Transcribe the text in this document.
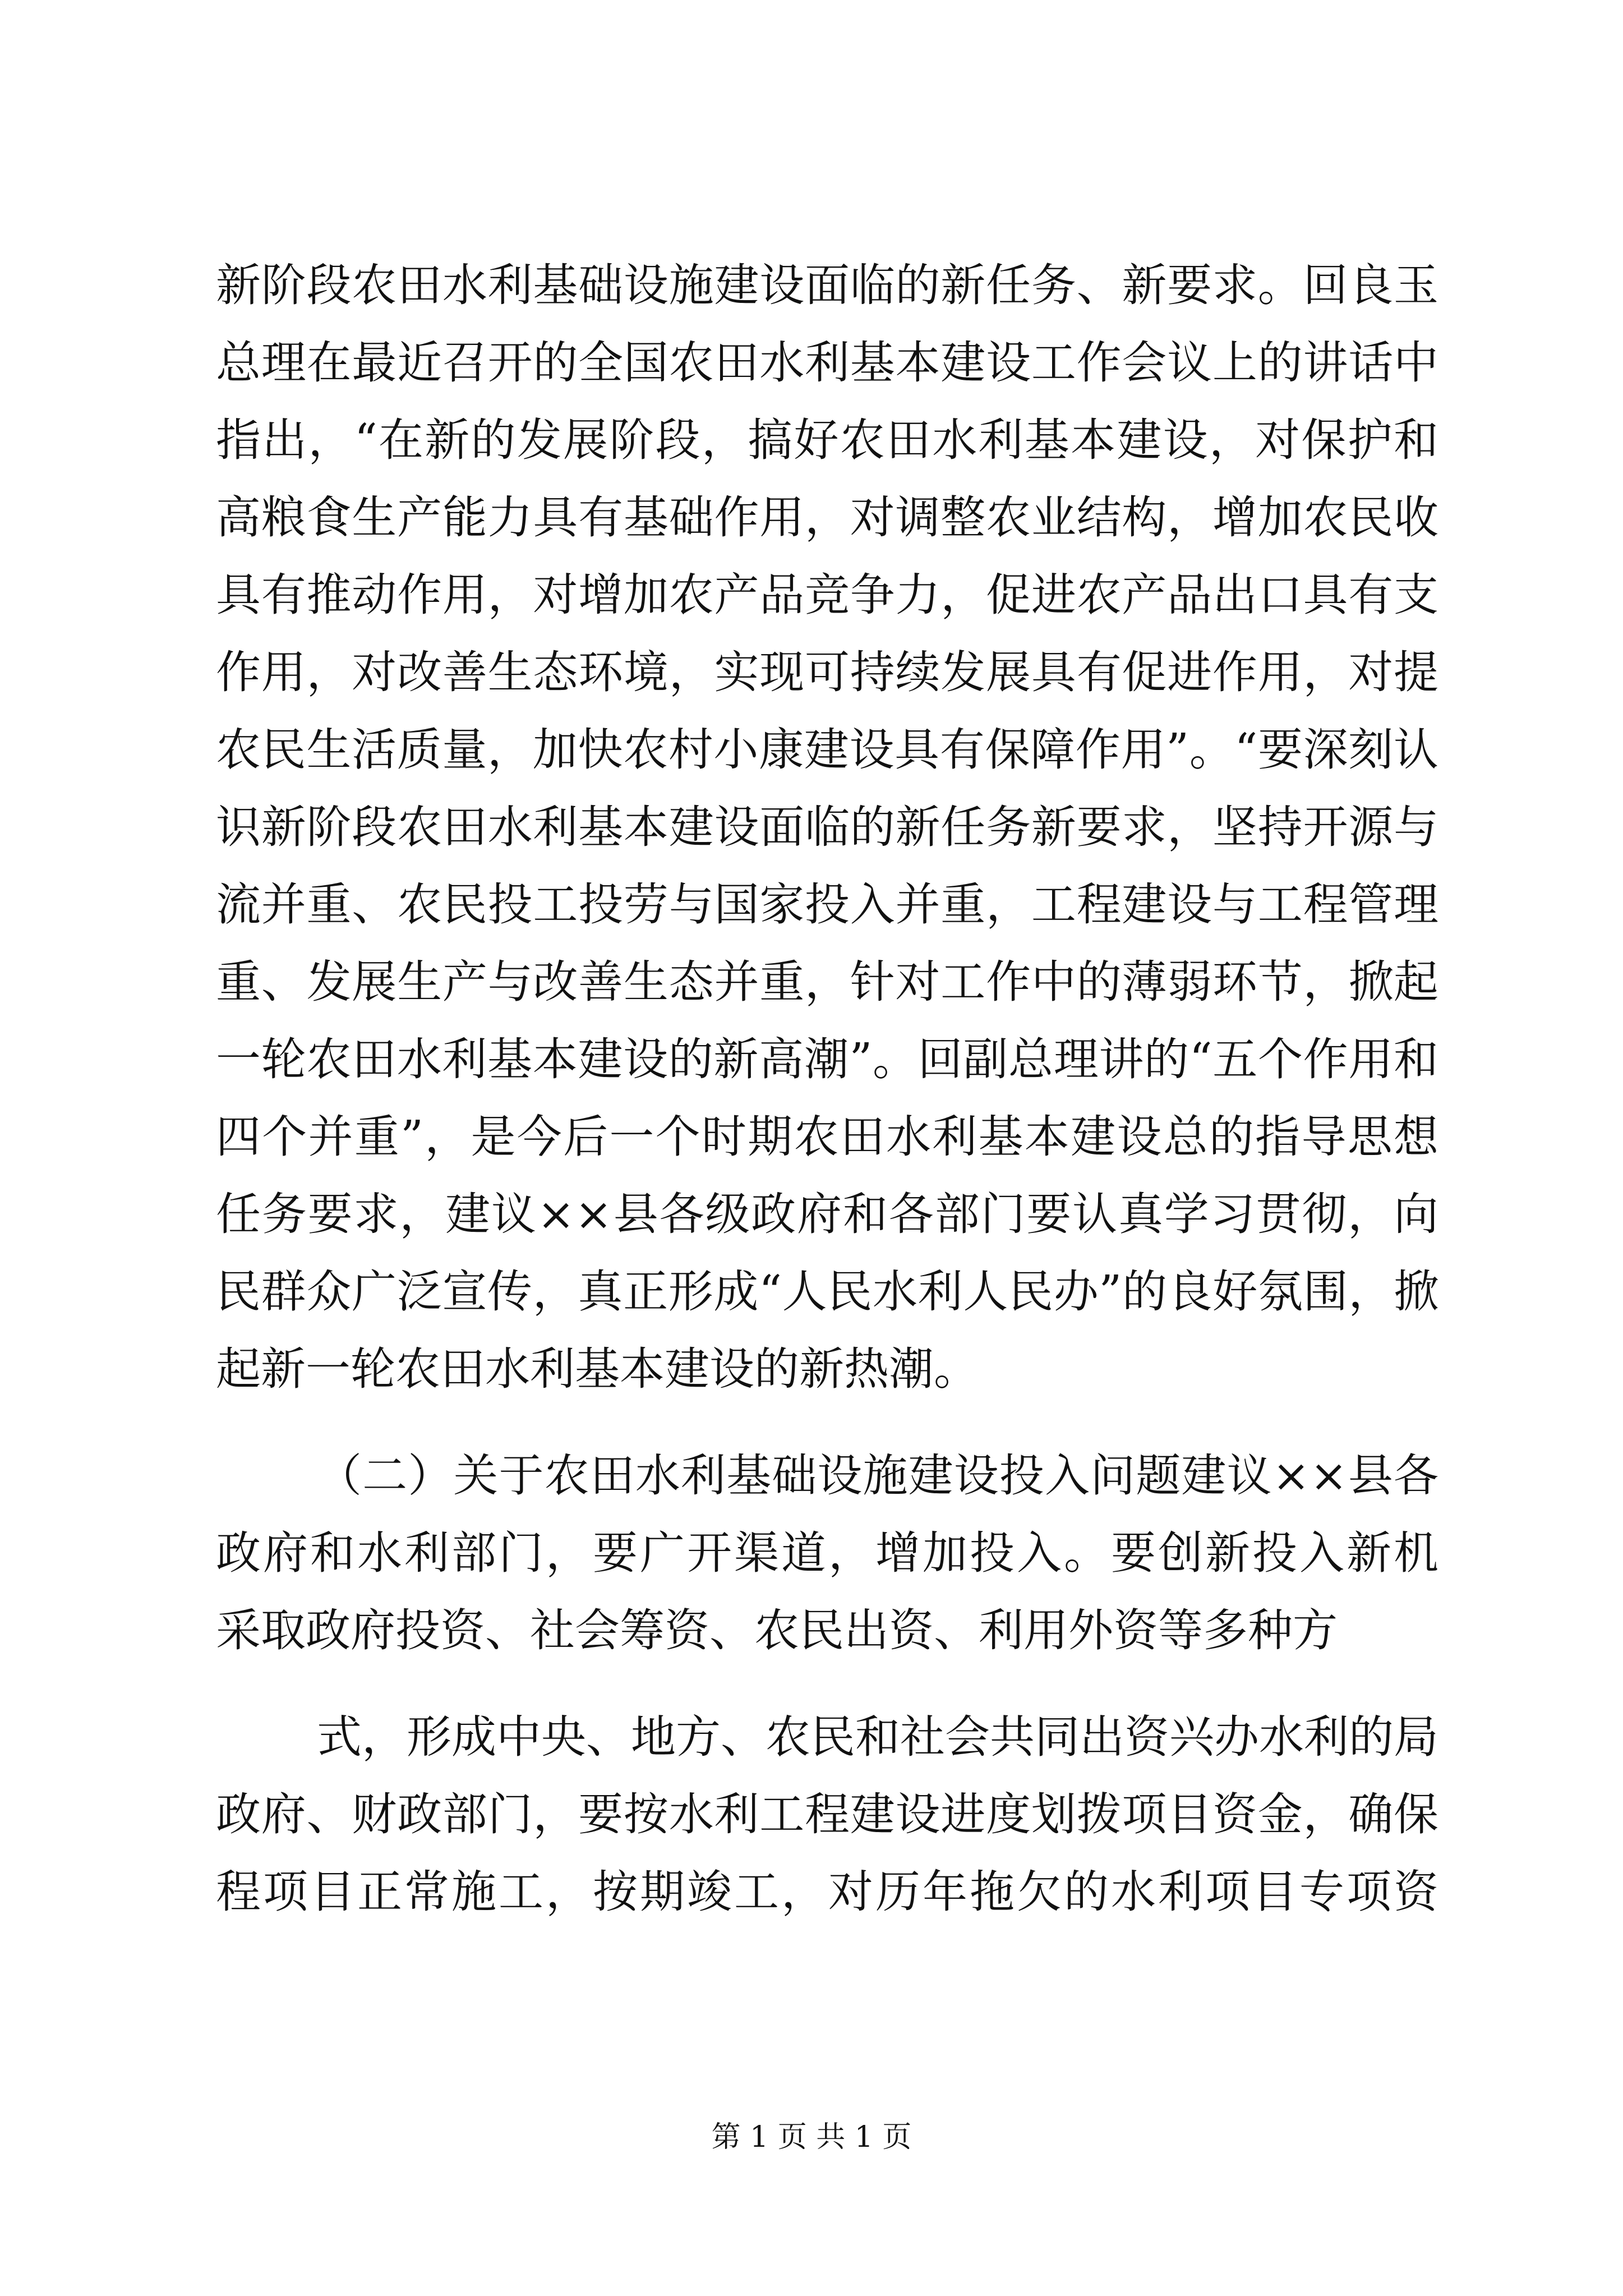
新阶段农田水利基础设施建设面临的新任务、新要求。回良玉
总理在最近召开的全国农田水利基本建设工作会议上的讲话中
指出，“在新的发展阶段，搞好农田水利基本建设，对保护和
高粮食生产能力具有基础作用，对调整农业结构，增加农民收
具有推动作用，对增加农产品竞争力，促进农产品出口具有支
作用，对改善生态环境，实现可持续发展具有促进作用，对提
农民生活质量，加快农村小康建设具有保障作用”。“要深刻认
识新阶段农田水利基本建设面临的新任务新要求，坚持开源与
流并重、农民投工投劳与国家投入并重，工程建设与工程管理
重、发展生产与改善生态并重，针对工作中的薄弱环节，掀起
一轮农田水利基本建设的新高潮”。回副总理讲的“五个作用和
四个并重”，是今后一个时期农田水利基本建设总的指导思想
任务要求，建议××县各级政府和各部门要认真学习贯彻，向
民群众广泛宣传，真正形成“人民水利人民办”的良好氛围，掀
起新一轮农田水利基本建设的新热潮。
（二）关于农田水利基础设施建设投入问题建议××县各
政府和水利部门，要广开渠道，增加投入。要创新投入新机
采取政府投资、社会筹资、农民出资、利用外资等多种方
式，形成中央、地方、农民和社会共同出资兴办水利的局
政府、财政部门，要按水利工程建设进度划拨项目资金，确保
程项目正常施工，按期竣工，对历年拖欠的水利项目专项资
第 1 页 共 1 页
